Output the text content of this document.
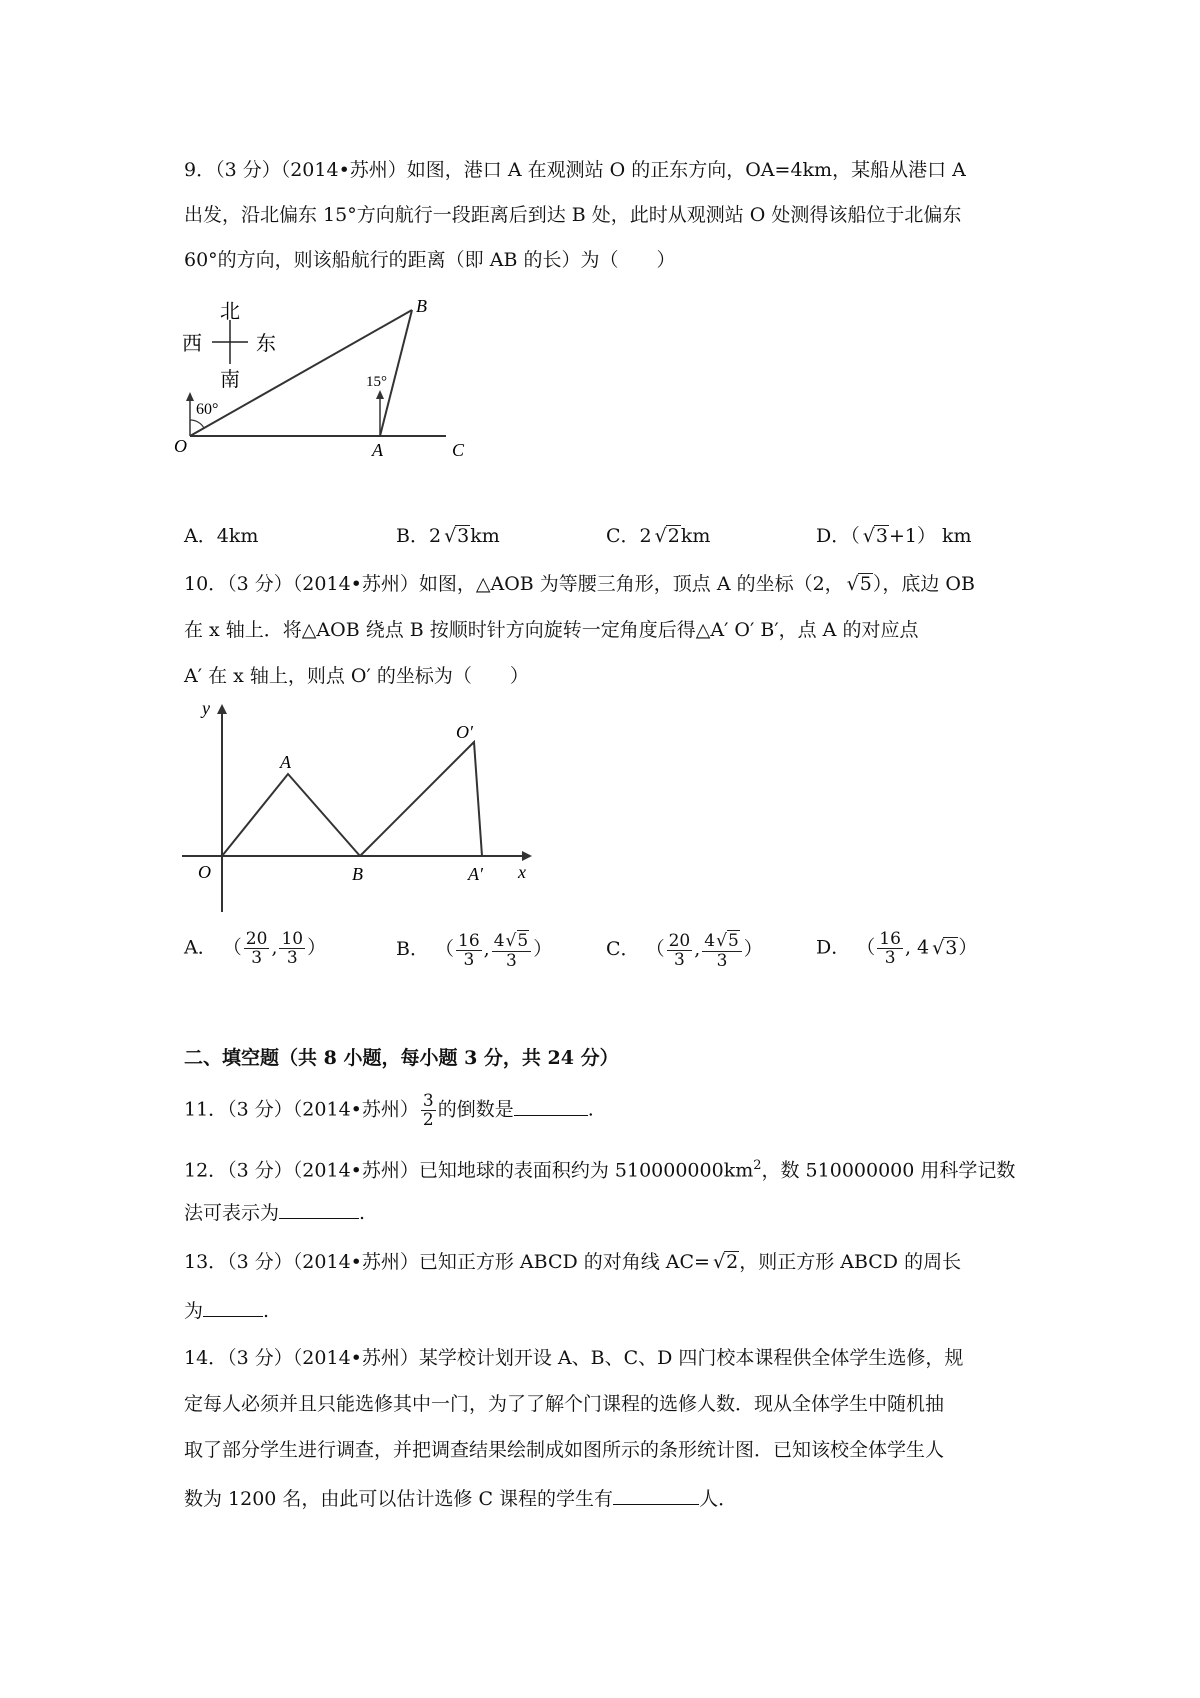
9．（3 分）（2014•苏州）如图，港口 A 在观测站 O 的正东方向，OA=4km，某船从港口 A
出发，沿北偏东 15°方向航行一段距离后到达 B 处，此时从观测站 O 处测得该船位于北偏东
60°的方向，则该船航行的距离（即 AB 的长）为（　　）
北
南
西	东
60°
15°
O	A
B
C
A．4km	B．2 √ 3km	C．2 √ 2km	D．（ √ 3+1） km
10．（3 分）（2014•苏州）如图，△AOB 为等腰三角形，顶点 A 的坐标（2， √ 5），底边 OB
在 x 轴上．将△AOB 绕点 B 按顺时针方向旋转一定角度后得△A′ O′ B′，点 A 的对应点
A′ 在 x 轴上，则点 O′ 的坐标为（　　）
y
x
O
A
B
O′
A′
A． （ $\frac{20}{3}$ , $\frac{10}{3}$ ）	B． （ $\frac{16}{3}$ , $\frac{4 √ 5}{3}$ ）	C． （ $\frac{20}{3}$ , $\frac{4 √ 5}{3}$ ）	D． （ $\frac{16}{3}$ , 4 √ 3）
二、填空题（共 8 小题，每小题 3 分，共 24 分）
11．（3 分）（2014•苏州） $\frac{3}{2}$ 的倒数是	.
12．（3 分）（2014•苏州）已知地球的表面积约为 $510000000km^2$，数 510000000 用科学记数
法可表示为	.
13．（3 分）（2014•苏州）已知正方形 ABCD 的对角线 AC= √ 2，则正方形 ABCD 的周长
为	.
14．（3 分）（2014•苏州）某学校计划开设 A、B、C、D 四门校本课程供全体学生选修，规
定每人必须并且只能选修其中一门，为了了解个门课程的选修人数．现从全体学生中随机抽
取了部分学生进行调查，并把调查结果绘制成如图所示的条形统计图．已知该校全体学生人
数为 1200 名，由此可以估计选修 C 课程的学生有	人．
